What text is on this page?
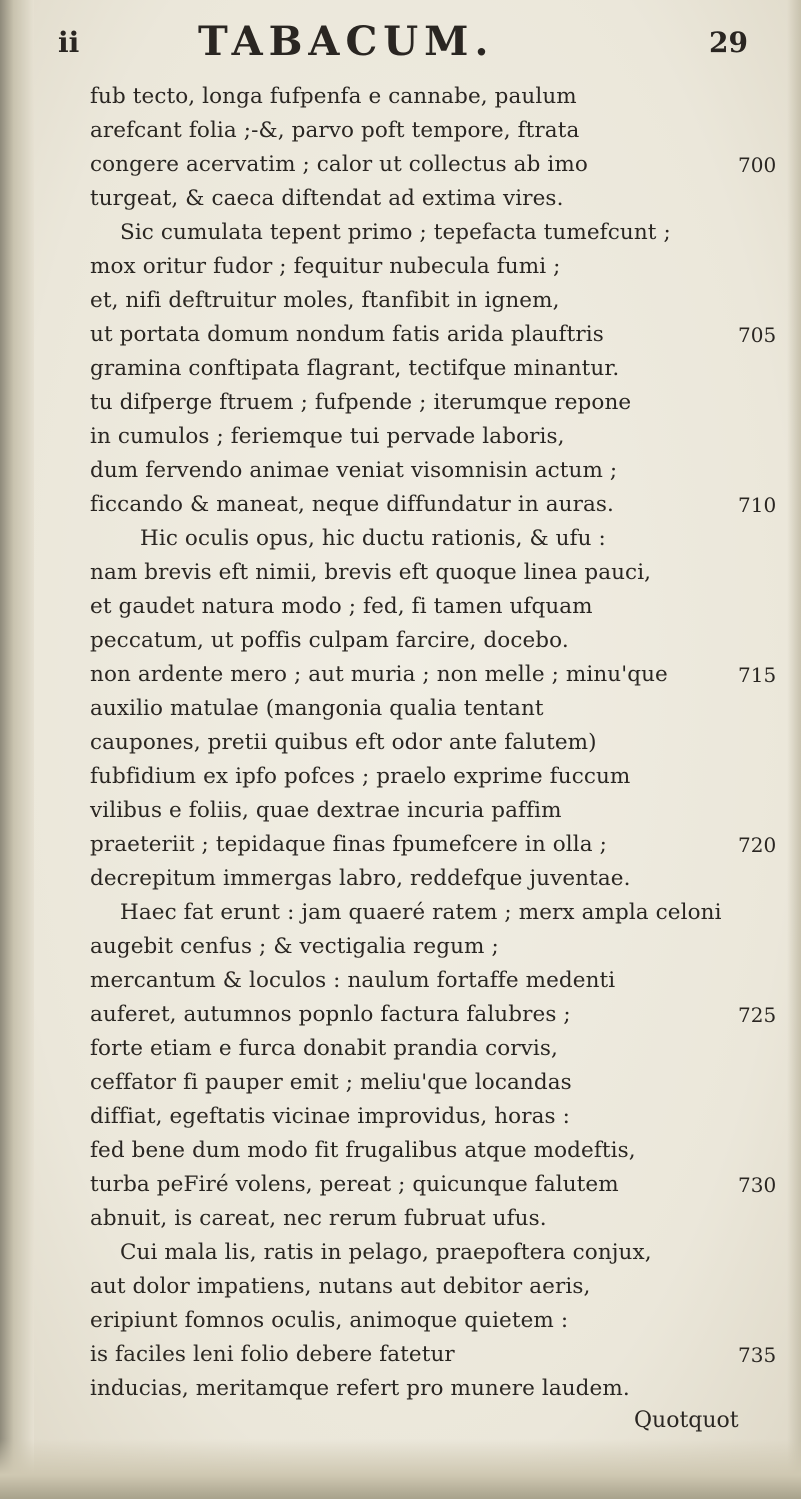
ii	TABACUM.	29
fub tecto, longa fufpenfa e cannabe, paulum
arefcant folia ;-&, parvo poft tempore, ftrata
congere acervatim ; calor ut collectus ab imo
turgeat, & caeca diftendat ad extima vires.
Sic cumulata tepent primo ; tepefacta tumefcunt ;
mox oritur fudor ; fequitur nubecula fumi ;
et, nifi deftruitur moles, ftanfibit in ignem,
ut portata domum nondum fatis arida plauftris
gramina conftipata flagrant, tectifque minantur.
tu difperge ftruem ; fufpende ; iterumque repone
in cumulos ; feriemque tui pervade laboris,
dum fervendo animae veniat visomnisin actum ;
ficcando & maneat, neque diffundatur in auras.
Hic oculis opus, hic ductu rationis, & ufu :
nam brevis eft nimii, brevis eft quoque linea pauci,
et gaudet natura modo ; fed, fi tamen ufquam
peccatum, ut poffis culpam farcire, docebo.
non ardente mero ; aut muria ; non melle ; minu'que
auxilio matulae (mangonia qualia tentant
caupones, pretii quibus eft odor ante falutem)
fubfidium ex ipfo pofces ; praelo exprime fuccum
vilibus e foliis, quae dextrae incuria paffim
praeteriit ; tepidaque finas fpumefcere in olla ;
decrepitum immergas labro, reddefque juventae.
Haec fat erunt : jam quaeré ratem ; merx ampla celoni
augebit cenfus ; & vectigalia regum ;
mercantum & loculos : naulum fortaffe medenti
auferet, autumnos popnlo factura falubres ;
forte etiam e furca donabit prandia corvis,
ceffator fi pauper emit ; meliu'que locandas
diffiat, egeftatis vicinae improvidus, horas :
fed bene dum modo fit frugalibus atque modeftis,
turba peFiré volens, pereat ; quicunque falutem
abnuit, is careat, nec rerum fubruat ufus.
Cui mala lis, ratis in pelago, praepoftera conjux,
aut dolor impatiens, nutans aut debitor aeris,
eripiunt fomnos oculis, animoque quietem :
is faciles leni folio debere fatetur
inducias, meritamque refert pro munere laudem.
700
705
710
715
720
725
730
735
Quotquot
